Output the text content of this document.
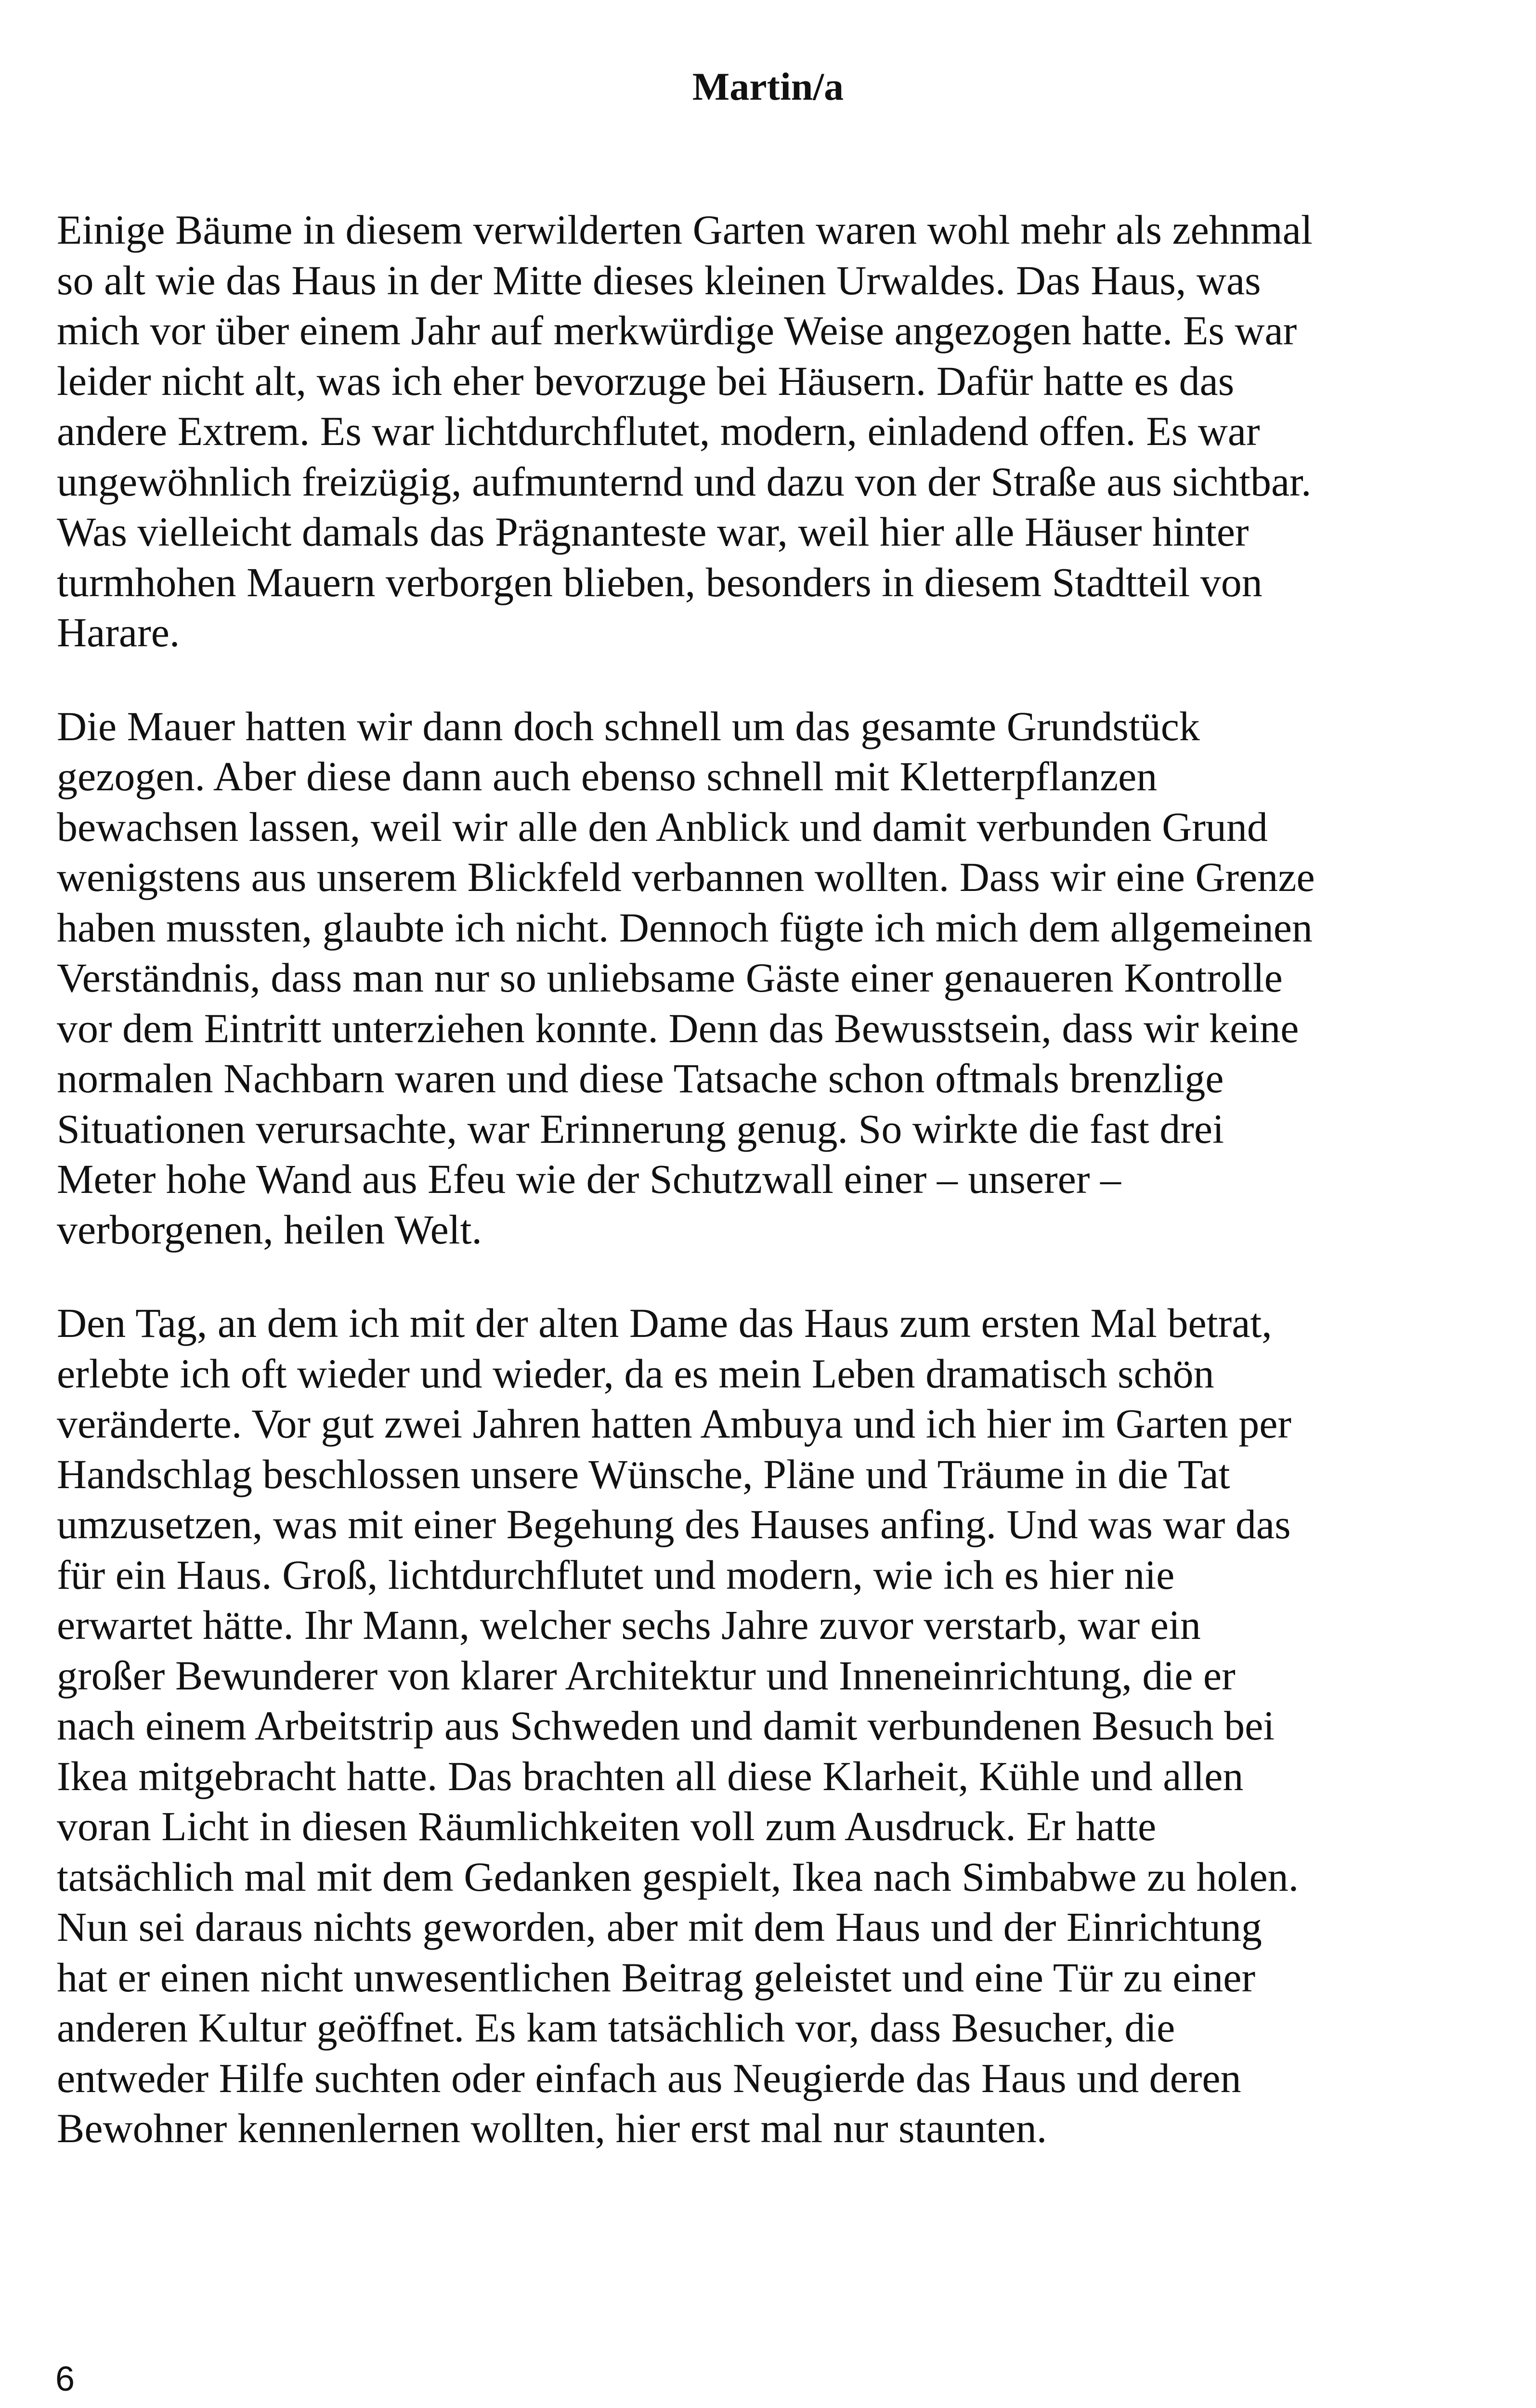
Martin/a

Einige Bäume in diesem verwilderten Garten waren wohl mehr als zehnmal
so alt wie das Haus in der Mitte dieses kleinen Urwaldes. Das Haus, was
mich vor über einem Jahr auf merkwürdige Weise angezogen hatte. Es war
leider nicht alt, was ich eher bevorzuge bei Häusern. Dafür hatte es das
andere Extrem. Es war lichtdurchflutet, modern, einladend offen. Es war
ungewöhnlich freizügig, aufmunternd und dazu von der Straße aus sichtbar.
Was vielleicht damals das Prägnanteste war, weil hier alle Häuser hinter
turmhohen Mauern verborgen blieben, besonders in diesem Stadtteil von
Harare.

Die Mauer hatten wir dann doch schnell um das gesamte Grundstück
gezogen. Aber diese dann auch ebenso schnell mit Kletterpflanzen
bewachsen lassen, weil wir alle den Anblick und damit verbunden Grund
wenigstens aus unserem Blickfeld verbannen wollten. Dass wir eine Grenze
haben mussten, glaubte ich nicht. Dennoch fügte ich mich dem allgemeinen
Verständnis, dass man nur so unliebsame Gäste einer genaueren Kontrolle
vor dem Eintritt unterziehen konnte. Denn das Bewusstsein, dass wir keine
normalen Nachbarn waren und diese Tatsache schon oftmals brenzlige
Situationen verursachte, war Erinnerung genug. So wirkte die fast drei
Meter hohe Wand aus Efeu wie der Schutzwall einer – unserer –
verborgenen, heilen Welt.

Den Tag, an dem ich mit der alten Dame das Haus zum ersten Mal betrat,
erlebte ich oft wieder und wieder, da es mein Leben dramatisch schön
veränderte. Vor gut zwei Jahren hatten Ambuya und ich hier im Garten per
Handschlag beschlossen unsere Wünsche, Pläne und Träume in die Tat
umzusetzen, was mit einer Begehung des Hauses anfing. Und was war das
für ein Haus. Groß, lichtdurchflutet und modern, wie ich es hier nie
erwartet hätte. Ihr Mann, welcher sechs Jahre zuvor verstarb, war ein
großer Bewunderer von klarer Architektur und Inneneinrichtung, die er
nach einem Arbeitstrip aus Schweden und damit verbundenen Besuch bei
Ikea mitgebracht hatte. Das brachten all diese Klarheit, Kühle und allen
voran Licht in diesen Räumlichkeiten voll zum Ausdruck. Er hatte
tatsächlich mal mit dem Gedanken gespielt, Ikea nach Simbabwe zu holen.
Nun sei daraus nichts geworden, aber mit dem Haus und der Einrichtung
hat er einen nicht unwesentlichen Beitrag geleistet und eine Tür zu einer
anderen Kultur geöffnet. Es kam tatsächlich vor, dass Besucher, die
entweder Hilfe suchten oder einfach aus Neugierde das Haus und deren
Bewohner kennenlernen wollten, hier erst mal nur staunten.

6
